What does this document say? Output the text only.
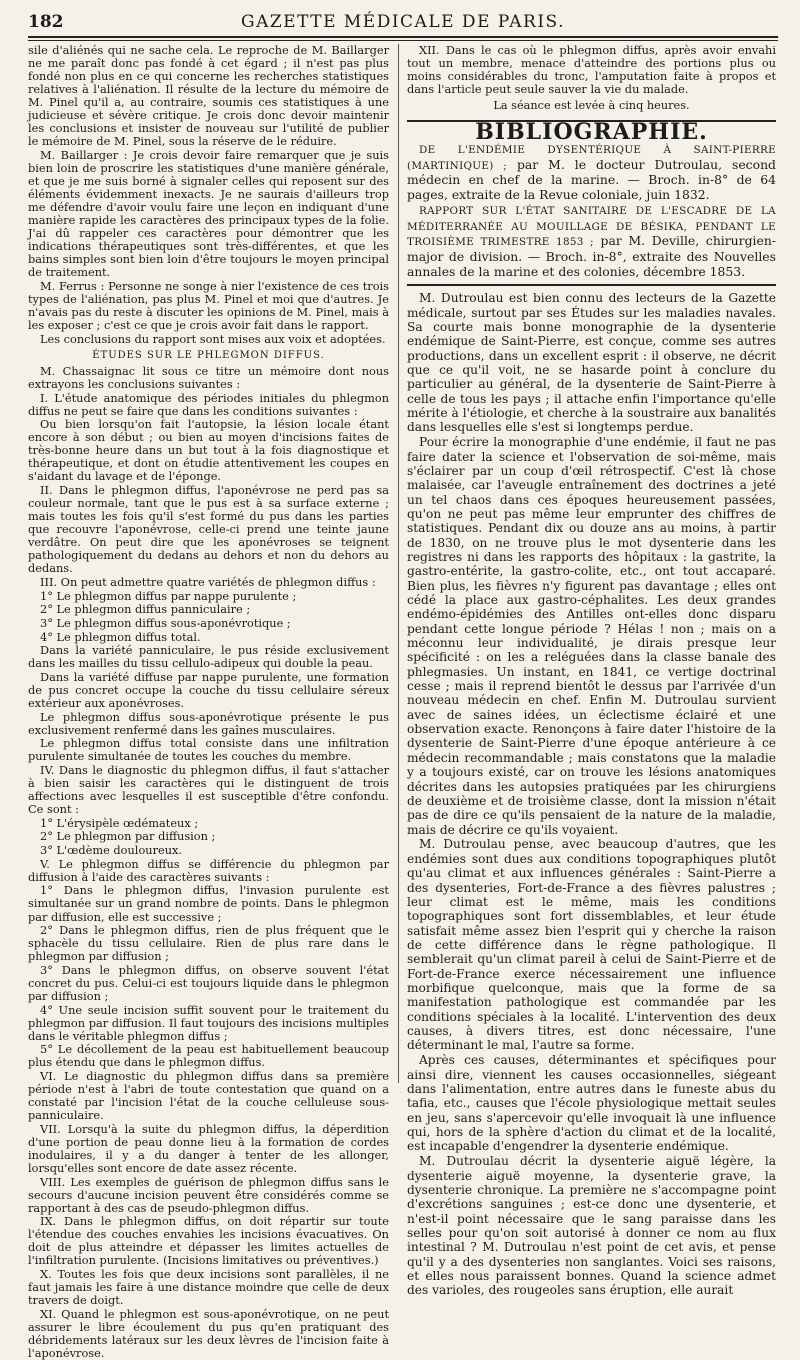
182	GAZETTE MÉDICALE DE PARIS.

sile d'aliénés qui ne sache cela. Le reproche de M. Baillarger ne me paraît donc pas fondé à cet égard ; il n'est pas plus fondé non plus en ce qui concerne les recherches statistiques relatives à l'aliénation. Il résulte de la lecture du mémoire de M. Pinel qu'il a, au contraire, soumis ces statistiques à une judicieuse et sévère critique. Je crois donc devoir maintenir les conclusions et insister de nouveau sur l'utilité de publier le mémoire de M. Pinel, sous la réserve de le réduire.

M. Baillarger : Je crois devoir faire remarquer que je suis bien loin de proscrire les statistiques d'une manière générale, et que je me suis borné à signaler celles qui reposent sur des éléments évidemment inexacts. Je ne saurais d'ailleurs trop me défendre d'avoir voulu faire une leçon en indiquant d'une manière rapide les caractères des principaux types de la folie. J'ai dû rappeler ces caractères pour démontrer que les indications thérapeutiques sont très-différentes, et que les bains simples sont bien loin d'être toujours le moyen principal de traitement.

M. Ferrus : Personne ne songe à nier l'existence de ces trois types de l'aliénation, pas plus M. Pinel et moi que d'autres. Je n'avais pas du reste à discuter les opinions de M. Pinel, mais à les exposer ; c'est ce que je crois avoir fait dans le rapport.

Les conclusions du rapport sont mises aux voix et adoptées.

ÉTUDES SUR LE PHLEGMON DIFFUS.

M. Chassaignac lit sous ce titre un mémoire dont nous extrayons les conclusions suivantes :

I. L'étude anatomique des périodes initiales du phlegmon diffus ne peut se faire que dans les conditions suivantes :

Ou bien lorsqu'on fait l'autopsie, la lésion locale étant encore à son début ; ou bien au moyen d'incisions faites de très-bonne heure dans un but tout à la fois diagnostique et thérapeutique, et dont on étudie attentivement les coupes en s'aidant du lavage et de l'éponge.

II. Dans le phlegmon diffus, l'aponévrose ne perd pas sa couleur normale, tant que le pus est à sa surface externe ; mais toutes les fois qu'il s'est formé du pus dans les parties que recouvre l'aponévrose, celle-ci prend une teinte jaune verdâtre. On peut dire que les aponévroses se teignent pathologiquement du dedans au dehors et non du dehors au dedans.

III. On peut admettre quatre variétés de phlegmon diffus :

1° Le phlegmon diffus par nappe purulente ;

2° Le phlegmon diffus panniculaire ;

3° Le phlegmon diffus sous-aponévrotique ;

4° Le phlegmon diffus total.

Dans la variété panniculaire, le pus réside exclusivement dans les mailles du tissu cellulo-adipeux qui double la peau.

Dans la variété diffuse par nappe purulente, une formation de pus concret occupe la couche du tissu cellulaire séreux extérieur aux aponévroses.

Le phlegmon diffus sous-aponévrotique présente le pus exclusivement renfermé dans les gaînes musculaires.

Le phlegmon diffus total consiste dans une infiltration purulente simultanée de toutes les couches du membre.

IV. Dans le diagnostic du phlegmon diffus, il faut s'attacher à bien saisir les caractères qui le distinguent de trois affections avec lesquelles il est susceptible d'être confondu. Ce sont :

1° L'érysipèle œdémateux ;

2° Le phlegmon par diffusion ;

3° L'œdème douloureux.

V. Le phlegmon diffus se différencie du phlegmon par diffusion à l'aide des caractères suivants :

1° Dans le phlegmon diffus, l'invasion purulente est simultanée sur un grand nombre de points. Dans le phlegmon par diffusion, elle est successive ;

2° Dans le phlegmon diffus, rien de plus fréquent que le sphacèle du tissu cellulaire. Rien de plus rare dans le phlegmon par diffusion ;

3° Dans le phlegmon diffus, on observe souvent l'état concret du pus. Celui-ci est toujours liquide dans le phlegmon par diffusion ;

4° Une seule incision suffit souvent pour le traitement du phlegmon par diffusion. Il faut toujours des incisions multiples dans le véritable phlegmon diffus ;

5° Le décollement de la peau est habituellement beaucoup plus étendu que dans le phlegmon diffus.

VI. Le diagnostic du phlegmon diffus dans sa première période n'est à l'abri de toute contestation que quand on a constaté par l'incision l'état de la couche celluleuse sous-panniculaire.

VII. Lorsqu'à la suite du phlegmon diffus, la déperdition d'une portion de peau donne lieu à la formation de cordes inodulaires, il y a du danger à tenter de les allonger, lorsqu'elles sont encore de date assez récente.

VIII. Les exemples de guérison de phlegmon diffus sans le secours d'aucune incision peuvent être considérés comme se rapportant à des cas de pseudo-phlegmon diffus.

IX. Dans le phlegmon diffus, on doit répartir sur toute l'étendue des couches envahies les incisions évacuatives. On doit de plus atteindre et dépasser les limites actuelles de l'infiltration purulente. (Incisions limitatives ou préventives.)

X. Toutes les fois que deux incisions sont parallèles, il ne faut jamais les faire à une distance moindre que celle de deux travers de doigt.

XI. Quand le phlegmon est sous-aponévrotique, on ne peut assurer le libre écoulement du pus qu'en pratiquant des débridements latéraux sur les deux lèvres de l'incision faite à l'aponévrose.

XII. Dans le cas où le phlegmon diffus, après avoir envahi tout un membre, menace d'atteindre des portions plus ou moins considérables du tronc, l'amputation faite à propos et dans l'article peut seule sauver la vie du malade.

La séance est levée à cinq heures.
BIBLIOGRAPHIE.

DE L'ENDÉMIE DYSENTÉRIQUE À SAINT-PIERRE (MARTINIQUE) ; par M. le docteur Dutroulau, second médecin en chef de la marine. — Broch. in-8° de 64 pages, extraite de la Revue coloniale, juin 1832.

RAPPORT SUR L'ÉTAT SANITAIRE DE L'ESCADRE DE LA MÉDITERRANÉE AU MOUILLAGE DE BÉSIKA, PENDANT LE TROISIÈME TRIMESTRE 1853 ; par M. Deville, chirurgien-major de division. — Broch. in-8°, extraite des Nouvelles annales de la marine et des colonies, décembre 1853.

M. Dutroulau est bien connu des lecteurs de la Gazette médicale, surtout par ses Études sur les maladies navales. Sa courte mais bonne monographie de la dysenterie endémique de Saint-Pierre, est conçue, comme ses autres productions, dans un excellent esprit : il observe, ne décrit que ce qu'il voit, ne se hasarde point à conclure du particulier au général, de la dysenterie de Saint-Pierre à celle de tous les pays ; il attache enfin l'importance qu'elle mérite à l'étiologie, et cherche à la soustraire aux banalités dans lesquelles elle s'est si longtemps perdue.

Pour écrire la monographie d'une endémie, il faut ne pas faire dater la science et l'observation de soi-même, mais s'éclairer par un coup d'œil rétrospectif. C'est là chose malaisée, car l'aveugle entraînement des doctrines a jeté un tel chaos dans ces époques heureusement passées, qu'on ne peut pas même leur emprunter des chiffres de statistiques. Pendant dix ou douze ans au moins, à partir de 1830, on ne trouve plus le mot dysenterie dans les registres ni dans les rapports des hôpitaux : la gastrite, la gastro-entérite, la gastro-colite, etc., ont tout accaparé. Bien plus, les fièvres n'y figurent pas davantage ; elles ont cédé la place aux gastro-céphalites. Les deux grandes endémo-épidémies des Antilles ont-elles donc disparu pendant cette longue période ? Hélas ! non ; mais on a méconnu leur individualité, je dirais presque leur spécificité : on les a reléguées dans la classe banale des phlegmasies. Un instant, en 1841, ce vertige doctrinal cesse ; mais il reprend bientôt le dessus par l'arrivée d'un nouveau médecin en chef. Enfin M. Dutroulau survient avec de saines idées, un éclectisme éclairé et une observation exacte. Renonçons à faire dater l'histoire de la dysenterie de Saint-Pierre d'une époque antérieure à ce médecin recommandable ; mais constatons que la maladie y a toujours existé, car on trouve les lésions anatomiques décrites dans les autopsies pratiquées par les chirurgiens de deuxième et de troisième classe, dont la mission n'était pas de dire ce qu'ils pensaient de la nature de la maladie, mais de décrire ce qu'ils voyaient.

M. Dutroulau pense, avec beaucoup d'autres, que les endémies sont dues aux conditions topographiques plutôt qu'au climat et aux influences générales : Saint-Pierre a des dysenteries, Fort-de-France a des fièvres palustres ; leur climat est le même, mais les conditions topographiques sont fort dissemblables, et leur étude satisfait même assez bien l'esprit qui y cherche la raison de cette différence dans le règne pathologique. Il semblerait qu'un climat pareil à celui de Saint-Pierre et de Fort-de-France exerce nécessairement une influence morbifique quelconque, mais que la forme de sa manifestation pathologique est commandée par les conditions spéciales à la localité. L'intervention des deux causes, à divers titres, est donc nécessaire, l'une déterminant le mal, l'autre sa forme.

Après ces causes, déterminantes et spécifiques pour ainsi dire, viennent les causes occasionnelles, siégeant dans l'alimentation, entre autres dans le funeste abus du tafia, etc., causes que l'école physiologique mettait seules en jeu, sans s'apercevoir qu'elle invoquait là une influence qui, hors de la sphère d'action du climat et de la localité, est incapable d'engendrer la dysenterie endémique.

M. Dutroulau décrit la dysenterie aiguë légère, la dysenterie aiguë moyenne, la dysenterie grave, la dysenterie chronique. La première ne s'accompagne point d'excrétions sanguines ; est-ce donc une dysenterie, et n'est-il point nécessaire que le sang paraisse dans les selles pour qu'on soit autorisé à donner ce nom au flux intestinal ? M. Dutroulau n'est point de cet avis, et pense qu'il y a des dysenteries non sanglantes. Voici ses raisons, et elles nous paraissent bonnes. Quand la science admet des varioles, des rougeoles sans éruption, elle aurait
